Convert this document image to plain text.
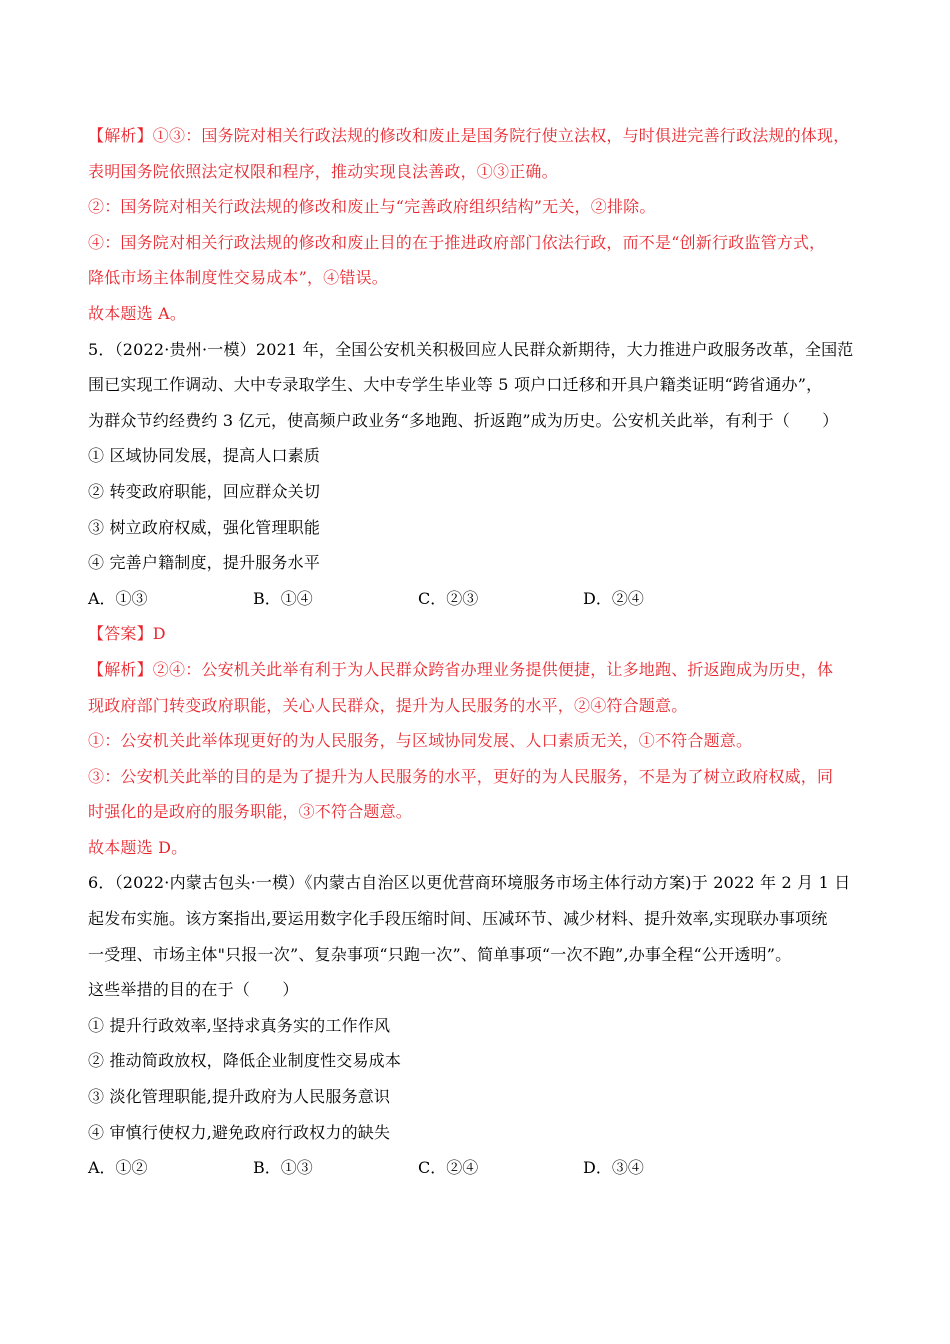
【解析】①③：国务院对相关行政法规的修改和废止是国务院行使立法权，与时俱进完善行政法规的体现，
表明国务院依照法定权限和程序，推动实现良法善政，①③正确。
②：国务院对相关行政法规的修改和废止与“完善政府组织结构”无关，②排除。
④：国务院对相关行政法规的修改和废止目的在于推进政府部门依法行政，而不是“创新行政监管方式，
降低市场主体制度性交易成本”，④错误。
故本题选 A。
5．（2022·贵州·一模）2021 年，全国公安机关积极回应人民群众新期待，大力推进户政服务改革，全国范
围已实现工作调动、大中专录取学生、大中专学生毕业等 5 项户口迁移和开具户籍类证明“跨省通办”，
为群众节约经费约 3 亿元，使高频户政业务“多地跑、折返跑”成为历史。公安机关此举，有利于（　　）
① 区域协同发展，提高人口素质
② 转变政府职能，回应群众关切
③ 树立政府权威，强化管理职能
④ 完善户籍制度，提升服务水平
A．①③	B．①④	C．②③	D．②④
【答案】D
【解析】②④：公安机关此举有利于为人民群众跨省办理业务提供便捷，让多地跑、折返跑成为历史，体
现政府部门转变政府职能，关心人民群众，提升为人民服务的水平，②④符合题意。
①：公安机关此举体现更好的为人民服务，与区域协同发展、人口素质无关，①不符合题意。
③：公安机关此举的目的是为了提升为人民服务的水平，更好的为人民服务，不是为了树立政府权威，同
时强化的是政府的服务职能，③不符合题意。
故本题选 D。
6．（2022·内蒙古包头·一模）《内蒙古自治区以更优营商环境服务市场主体行动方案)于 2022 年 2 月 1 日
起发布实施。该方案指出,要运用数字化手段压缩时间、压减环节、减少材料、提升效率,实现联办事项统
一受理、市场主体"只报一次”、复杂事项“只跑一次”、简单事项“一次不跑”,办事全程“公开透明”。
这些举措的目的在于（　　）
① 提升行政效率,坚持求真务实的工作作风
② 推动简政放权，降低企业制度性交易成本
③ 淡化管理职能,提升政府为人民服务意识
④ 审慎行使权力,避免政府行政权力的缺失
A．①②	B．①③	C．②④	D．③④
